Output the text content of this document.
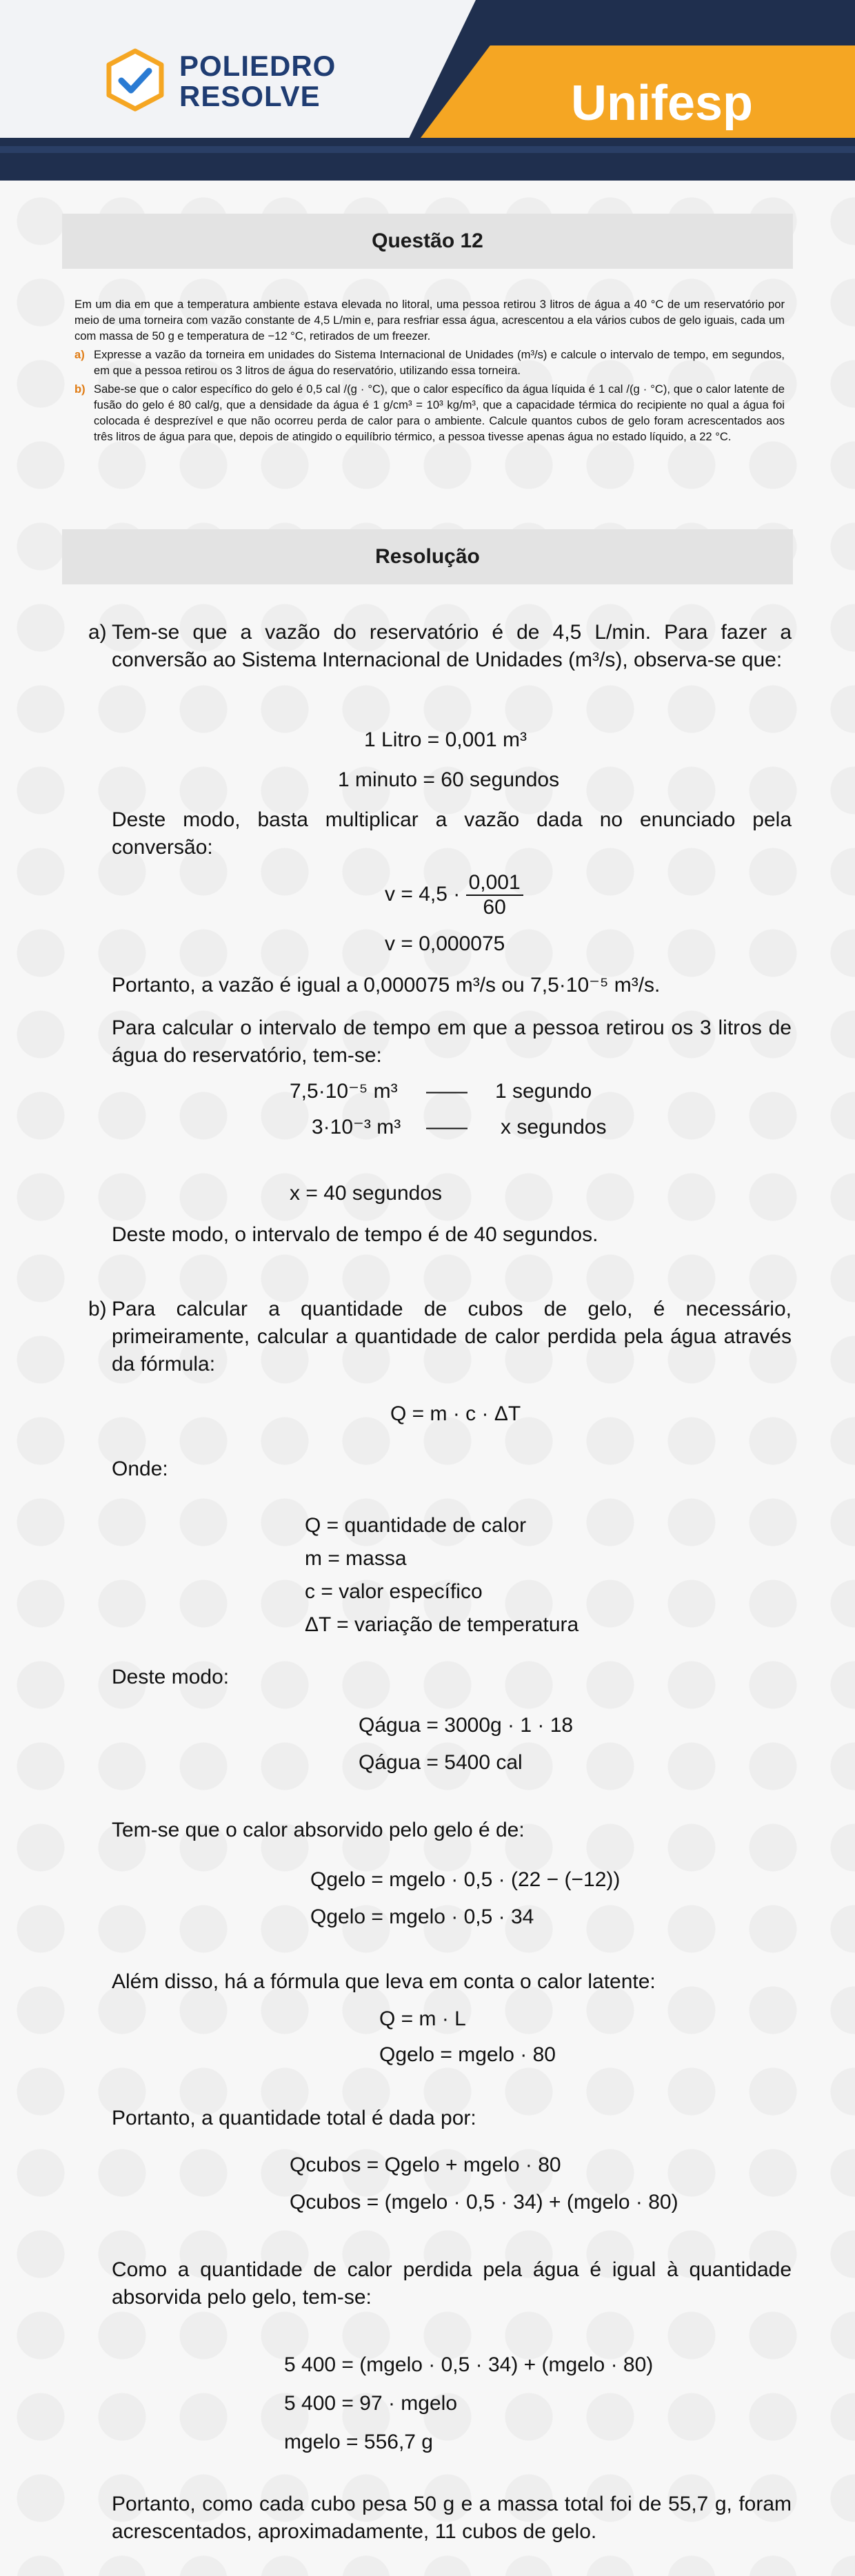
POLIEDRO
RESOLVE	Unifesp
Questão 12

Em um dia em que a temperatura ambiente estava elevada no litoral, uma pessoa retirou 3 litros de água a 40 °C de um reservatório por meio de uma torneira com vazão constante de 4,5 L/min e, para resfriar essa água, acrescentou a ela vários cubos de gelo iguais, cada um com massa de 50 g e temperatura de −12 °C, retirados de um freezer.

a) Expresse a vazão da torneira em unidades do Sistema Internacional de Unidades (m³/s) e calcule o intervalo de tempo, em segundos, em que a pessoa retirou os 3 litros de água do reservatório, utilizando essa torneira.
b) Sabe-se que o calor específico do gelo é 0,5 cal /(g · °C), que o calor específico da água líquida é 1 cal /(g · °C), que o calor latente de fusão do gelo é 80 cal/g, que a densidade da água é 1 g/cm³ = 10³ kg/m³, que a capacidade térmica do recipiente no qual a água foi colocada é desprezível e que não ocorreu perda de calor para o ambiente. Calcule quantos cubos de gelo foram acrescentados aos três litros de água para que, depois de atingido o equilíbrio térmico, a pessoa tivesse apenas água no estado líquido, a 22 °C.
Resolução
a) Tem-se que a vazão do reservatório é de 4,5 L/min. Para fazer a conversão ao Sistema Internacional de Unidades (m³/s), observa-se que:

1 Litro = 0,001 m³
1 minuto = 60 segundos

Deste modo, basta multiplicar a vazão dada no enunciado pela conversão:

$v = 4,5 \cdot \frac{0,001}{60}$
v = 0,000075

Portanto, a vazão é igual a 0,000075 m³/s ou 7,5·10⁻⁵ m³/s.

Para calcular o intervalo de tempo em que a pessoa retirou os 3 litros de água do reservatório, tem-se:

7,5·10⁻⁵ m³ —— 1 segundo
3·10⁻³ m³ —— x segundos
x = 40 segundos

Deste modo, o intervalo de tempo é de 40 segundos.

b) Para calcular a quantidade de cubos de gelo, é necessário, primeiramente, calcular a quantidade de calor perdida pela água através da fórmula:

Q = m · c · ΔT
Onde:
Q = quantidade de calor
m = massa
c = valor específico
ΔT = variação de temperatura
Deste modo:
Qágua = 3000g · 1 · 18
Qágua = 5400 cal
Tem-se que o calor absorvido pelo gelo é de:
Qgelo = mgelo · 0,5 · (22 − (−12))
Qgelo = mgelo · 0,5 · 34
Além disso, há a fórmula que leva em conta o calor latente:
Q = m · L
Qgelo = mgelo · 80
Portanto, a quantidade total é dada por:
Qcubos = Qgelo + mgelo · 80
Qcubos = (mgelo · 0,5 · 34) + (mgelo · 80)

Como a quantidade de calor perdida pela água é igual à quantidade absorvida pelo gelo, tem-se:

5 400 = (mgelo · 0,5 · 34) + (mgelo · 80)
5 400 = 97 · mgelo
mgelo = 556,7 g

Portanto, como cada cubo pesa 50 g e a massa total foi de 55,7 g, foram acrescentados, aproximadamente, 11 cubos de gelo.
